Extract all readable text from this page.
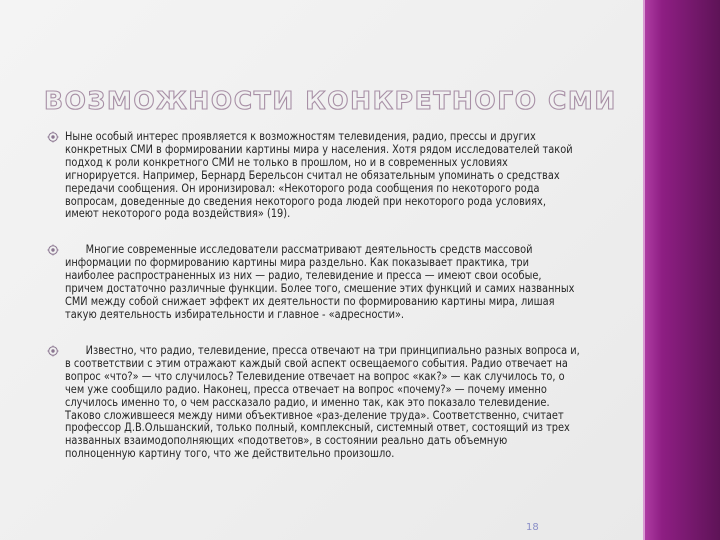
ВОЗМОЖНОСТИ КОНКРЕТНОГО СМИ
Ныне особый интерес проявляется к возможностям телевидения, радио, прессы и других конкретных СМИ в формировании картины мира у населения. Хотя рядом исследователей такой подход к роли конкретного СМИ не только в прошлом, но и в современных условиях игнорируется. Например, Бернард Берельсон считал не обязательным упоминать о средствах передачи сообщения. Он иронизировал: «Некоторого рода сообщения по некоторого рода вопросам, доведенные до сведения некоторого рода людей при некоторого рода условиях, имеют некоторого рода воздействия» (19).
Многие современные исследователи рассматривают деятельность средств массовой информации по формированию картины мира раздельно. Как показывает практика, три наиболее распространенных из них — радио, телевидение и пресса — имеют свои особые, причем достаточно различные функции. Более того, смешение этих функций и самих названных СМИ между собой снижает эффект их деятельности по формированию картины мира, лишая такую деятельность избирательности и главное - «адресности».
Известно, что радио, телевидение, пресса отвечают на три принципиально разных вопроса и, в соответствии с этим отражают каждый свой аспект освещаемого события. Радио отвечает на вопрос «что?» — что случилось? Телевидение отвечает на вопрос «как?» — как случилось то, о чем уже сообщило радио. Наконец, пресса отвечает на вопрос «почему?» — почему именно случилось именно то, о чем рассказало радио, и именно так, как это показало телевидение. Таково сложившееся между ними объективное «раз-деление труда». Соответственно, считает профессор Д.В.Ольшанский, только полный, комплексный, системный ответ, состоящий из трех названных взаимодополняющих «подответов», в состоянии реально дать объемную полноценную картину того, что же действительно произошло.
18
